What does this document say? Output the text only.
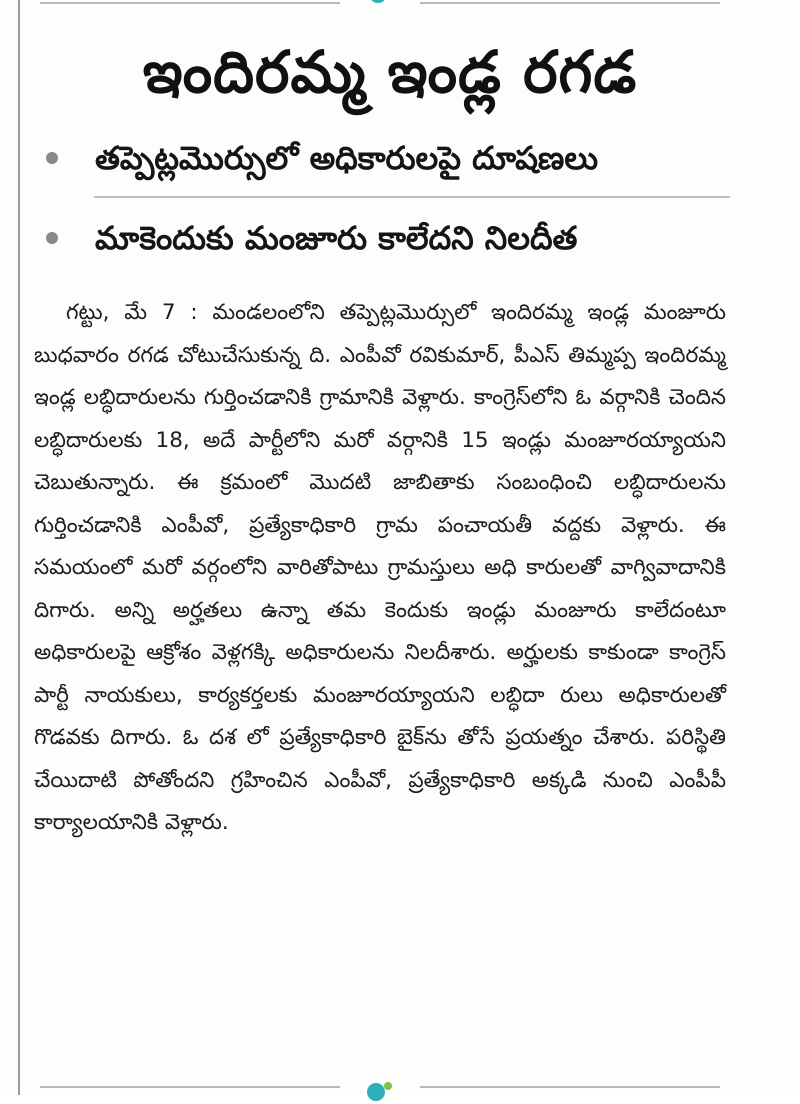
ఇందిరమ్మ ఇండ్ల రగడ
తప్పెట్లమొర్సులో అధికారులపై దూషణలు
మాకెందుకు మంజూరు కాలేదని నిలదీత

గట్టు, మే 7 : మండలంలోని తప్పెట్లమొర్సులో ఇందిరమ్మ ఇండ్ల మంజూరు బుధవారం రగడ చోటుచేసుకున్న ది. ఎంపీవో రవికుమార్, పీఎస్ తిమ్మప్ప ఇందిరమ్మ ఇండ్ల లబ్ధిదారులను గుర్తించడానికి గ్రామానికి వెళ్లారు. కాంగ్రెస్‌లోని ఓ వర్గానికి చెందిన లబ్ధిదారులకు 18, అదే పార్టీలోని మరో వర్గానికి 15 ఇండ్లు మంజూరయ్యాయని చెబుతున్నారు. ఈ క్రమంలో మొదటి జాబితాకు సంబంధించి లబ్ధిదారులను గుర్తించడానికి ఎంపీవో, ప్రత్యేకాధికారి గ్రామ పంచాయతీ వద్దకు వెళ్లారు. ఈ సమయంలో మరో వర్గంలోని వారితోపాటు గ్రామస్తులు అధి కారులతో వాగ్వివాదానికి దిగారు. అన్ని అర్హతలు ఉన్నా తమ కెందుకు ఇండ్లు మంజూరు కాలేదంటూ అధికారులపై ఆక్రోశం వెళ్లగక్కి అధికారులను నిలదీశారు. అర్హులకు కాకుండా కాంగ్రెస్ పార్టీ నాయకులు, కార్యకర్తలకు మంజూరయ్యాయని లబ్ధిదా రులు అధికారులతో గొడవకు దిగారు. ఓ దశ లో ప్రత్యేకాధికారి బైక్‌ను తోసే ప్రయత్నం చేశారు. పరిస్థితి చేయిదాటి పోతోందని గ్రహించిన ఎంపీవో, ప్రత్యేకాధికారి అక్కడి నుంచి ఎంపీపీ కార్యాలయానికి వెళ్లారు.
